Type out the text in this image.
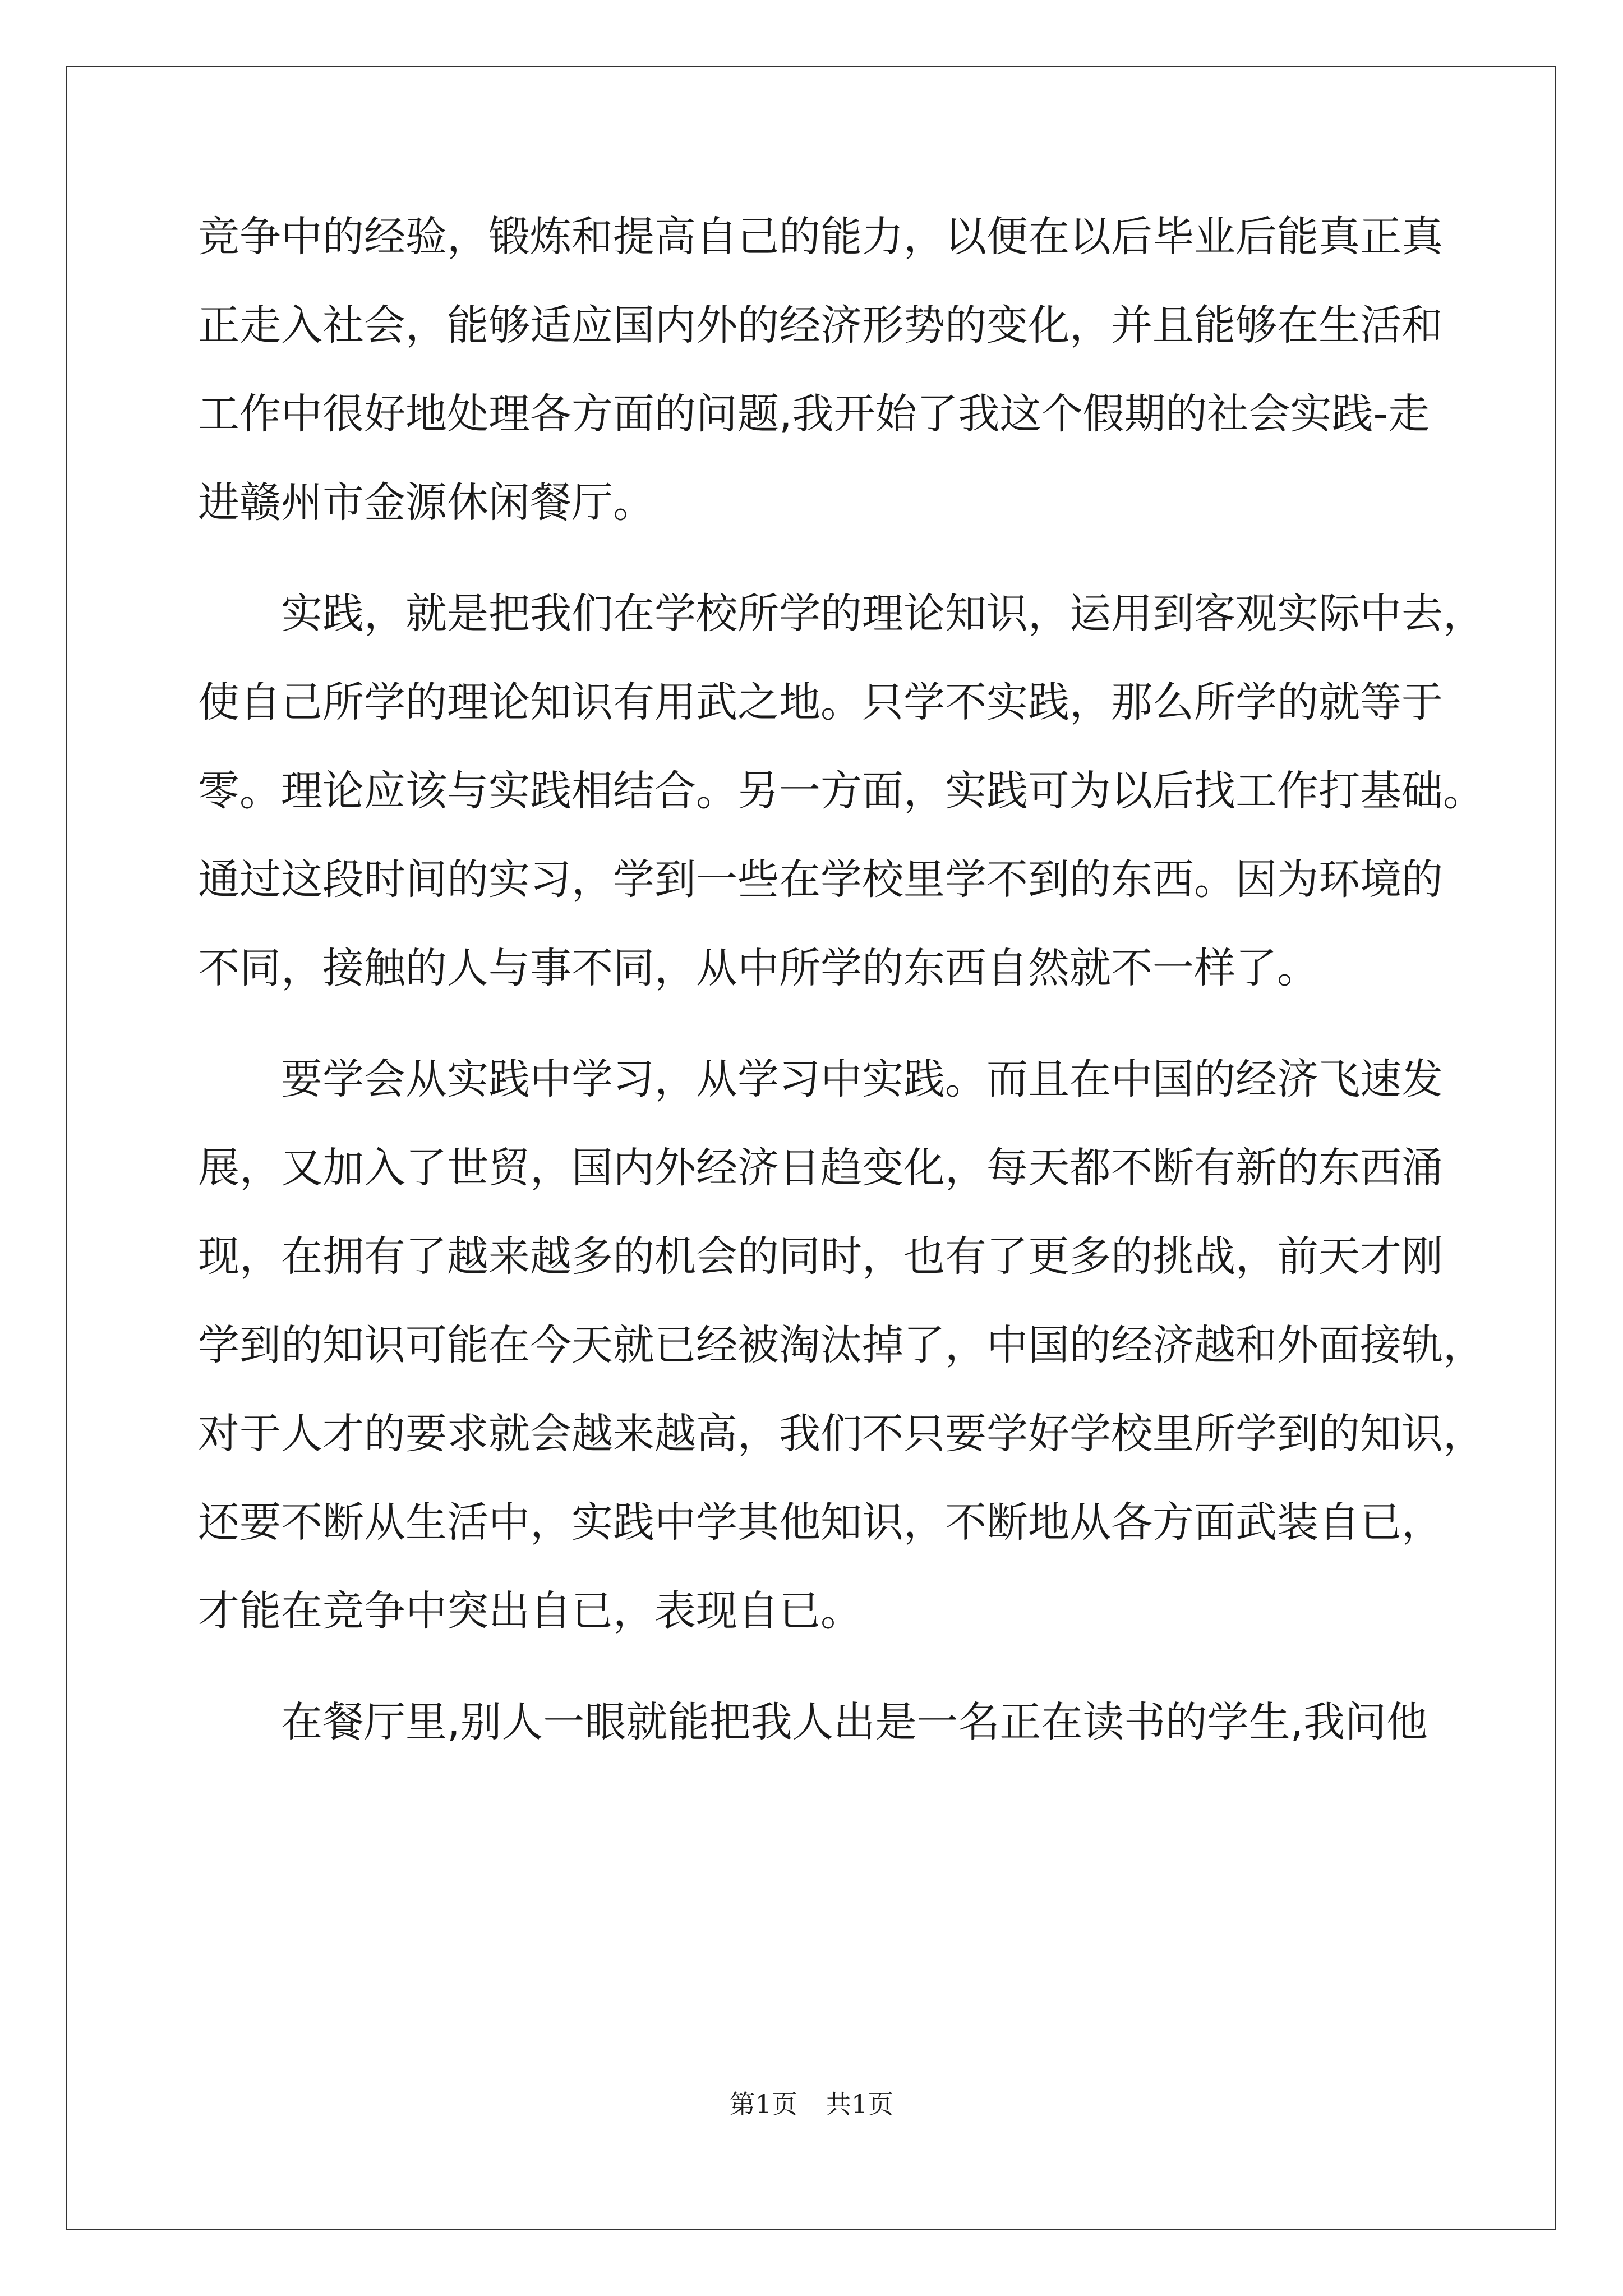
竞争中的经验，锻炼和提高自己的能力，以便在以后毕业后能真正真
正走入社会，能够适应国内外的经济形势的变化，并且能够在生活和
工作中很好地处理各方面的问题,我开始了我这个假期的社会实践-走
进赣州市金源休闲餐厅。
实践，就是把我们在学校所学的理论知识，运用到客观实际中去，
使自己所学的理论知识有用武之地。只学不实践，那么所学的就等于
零。理论应该与实践相结合。另一方面，实践可为以后找工作打基础。
通过这段时间的实习，学到一些在学校里学不到的东西。因为环境的
不同，接触的人与事不同，从中所学的东西自然就不一样了。
要学会从实践中学习，从学习中实践。而且在中国的经济飞速发
展，又加入了世贸，国内外经济日趋变化，每天都不断有新的东西涌
现，在拥有了越来越多的机会的同时，也有了更多的挑战，前天才刚
学到的知识可能在今天就已经被淘汰掉了，中国的经济越和外面接轨，
对于人才的要求就会越来越高，我们不只要学好学校里所学到的知识，
还要不断从生活中，实践中学其他知识，不断地从各方面武装自已，
才能在竞争中突出自已，表现自已。
在餐厅里,别人一眼就能把我人出是一名正在读书的学生,我问他
第1页 共1页
